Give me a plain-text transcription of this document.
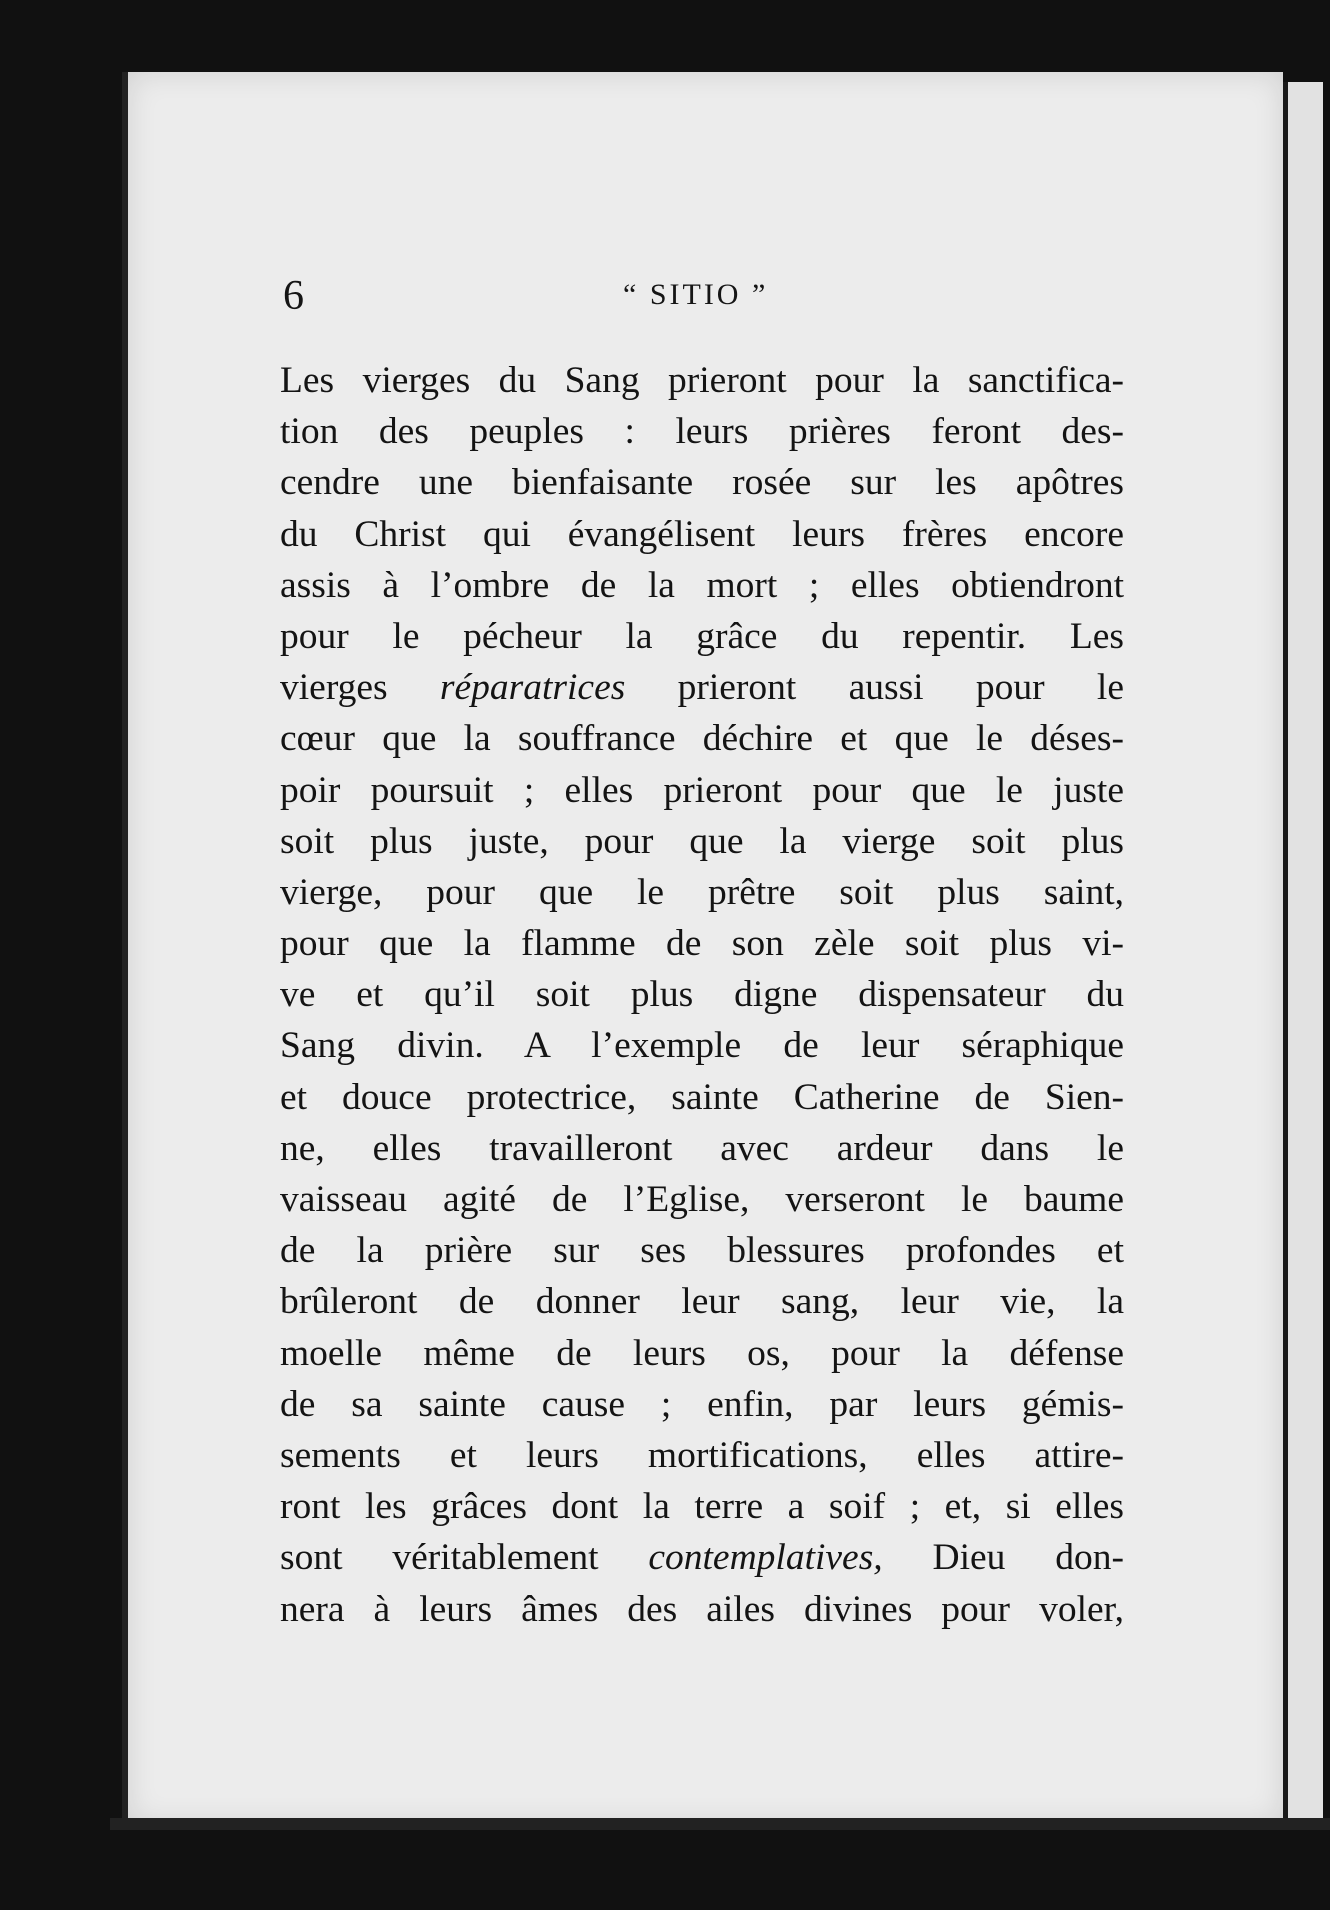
6	“ SITIO ”
Les vierges du Sang prieront pour la sanctifica-
tion des peuples : leurs prières feront des-
cendre une bienfaisante rosée sur les apôtres
du Christ qui évangélisent leurs frères encore
assis à l’ombre de la mort ; elles obtiendront
pour le pécheur la grâce du repentir. Les
vierges réparatrices prieront aussi pour le
cœur que la souffrance déchire et que le déses-
poir poursuit ; elles prieront pour que le juste
soit plus juste, pour que la vierge soit plus
vierge, pour que le prêtre soit plus saint,
pour que la flamme de son zèle soit plus vi-
ve et qu’il soit plus digne dispensateur du
Sang divin. A l’exemple de leur séraphique
et douce protectrice, sainte Catherine de Sien-
ne, elles travailleront avec ardeur dans le
vaisseau agité de l’Eglise, verseront le baume
de la prière sur ses blessures profondes et
brûleront de donner leur sang, leur vie, la
moelle même de leurs os, pour la défense
de sa sainte cause ; enfin, par leurs gémis-
sements et leurs mortifications, elles attire-
ront les grâces dont la terre a soif ; et, si elles
sont véritablement contemplatives, Dieu don-
nera à leurs âmes des ailes divines pour voler,
